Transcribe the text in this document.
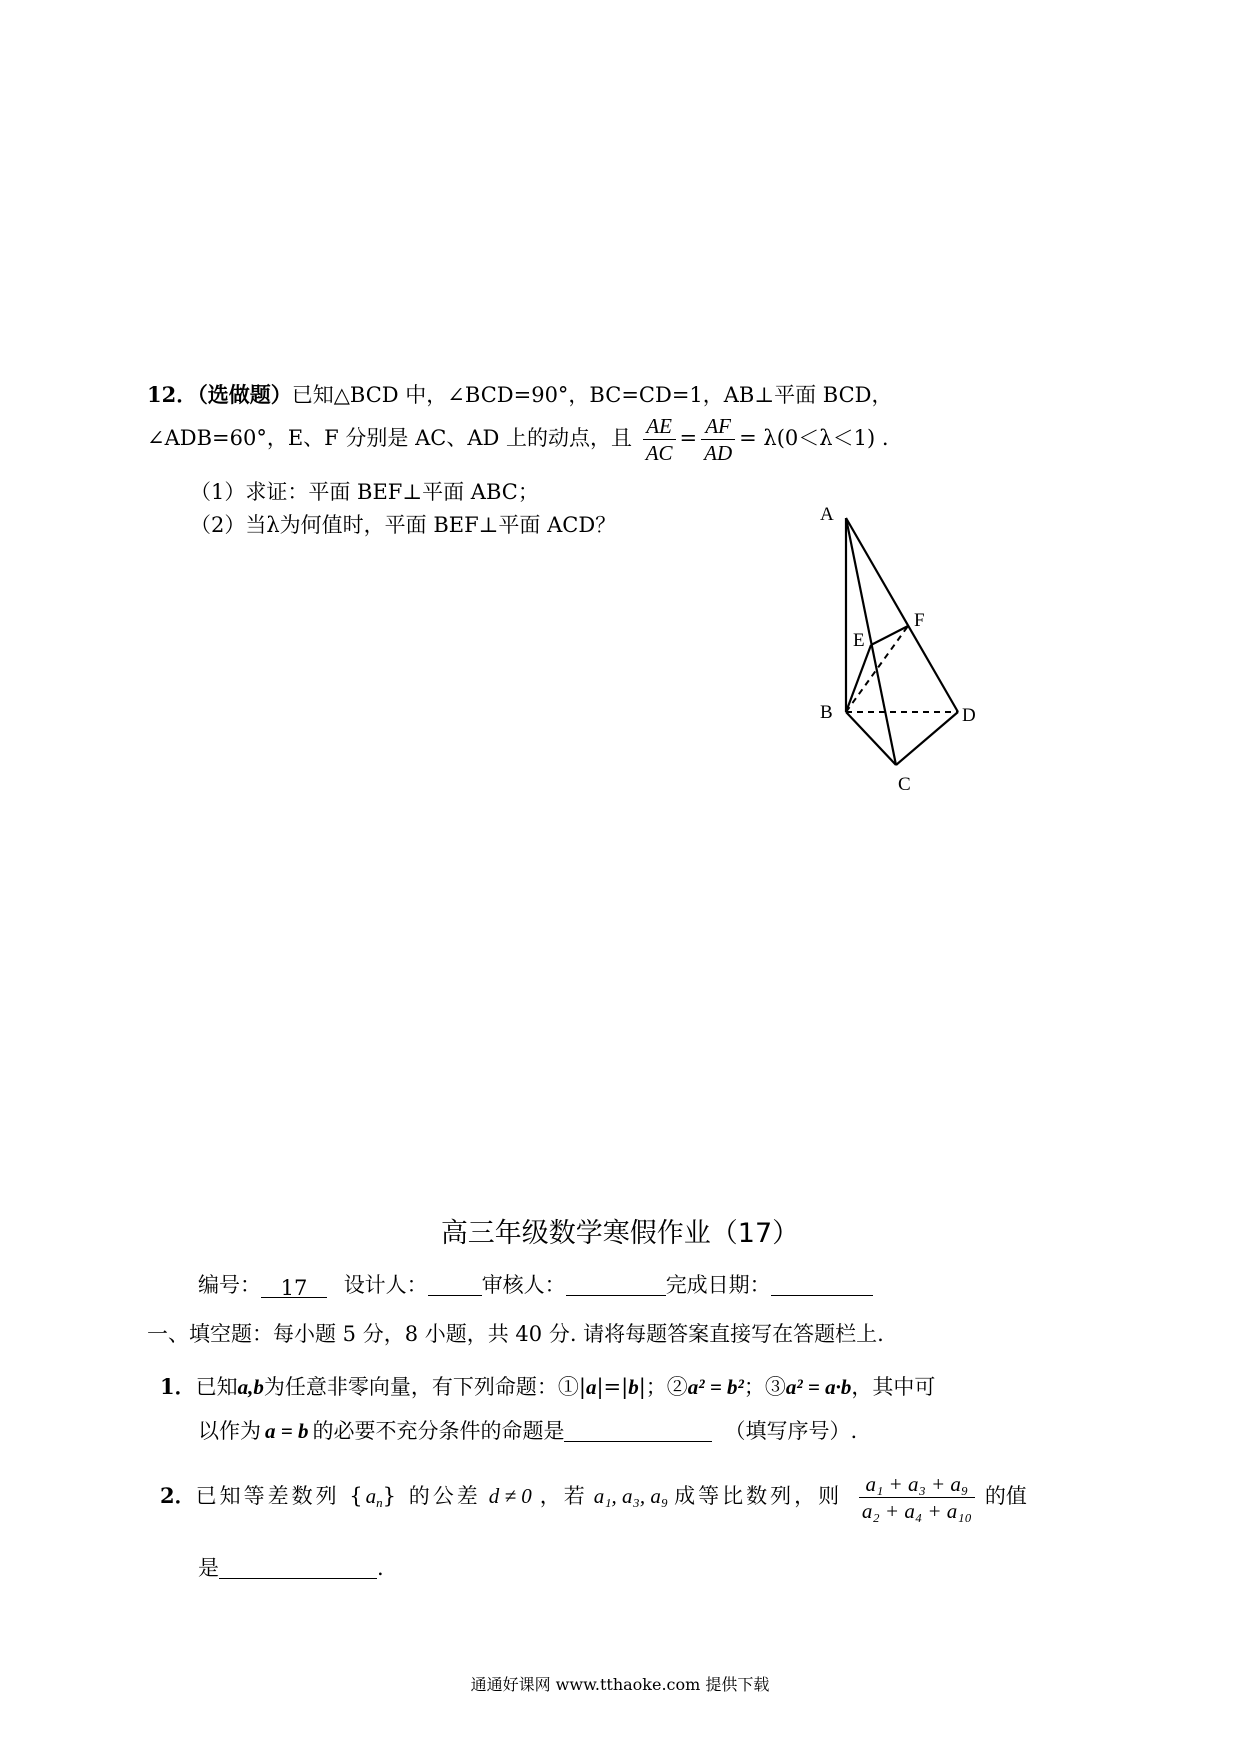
12．（选做题）已知△BCD 中，∠BCD=90°，BC=CD=1，AB⊥平面 BCD，
∠ADB=60°，E、F 分别是 AC、AD 上的动点，且 $\frac{AE}{AC} = \frac{AF}{AD} = \lambda(0<\lambda<1)$ .
（1）求证：平面 BEF⊥平面 ABC；
（2）当λ为何值时，平面 BEF⊥平面 ACD？	A
B
C
D
E
F
高三年级数学寒假作业（17）
编号： 17 设计人：	审核人：	完成日期：
一、填空题：每小题 5 分，8 小题，共 40 分. 请将每题答案直接写在答题栏上.
1．已知a,b为任意非零向量，有下列命题：①|a|=|b|；②a² = b²；③a² = a·b，其中可
以作为 a = b 的必要不充分条件的命题是	（填写序号）.
2．已知等差数列 $\{a_n\}$ 的公差 d ≠ 0 ，若 a₁, a₃, a₉ 成等比数列，则 $\frac{\text{a₁ + a₃ + a₉}}{\text{a₂ + a₄ + a₁₀}}$ 的值
是	.
通通好课网 www.tthaoke.com 提供下载
